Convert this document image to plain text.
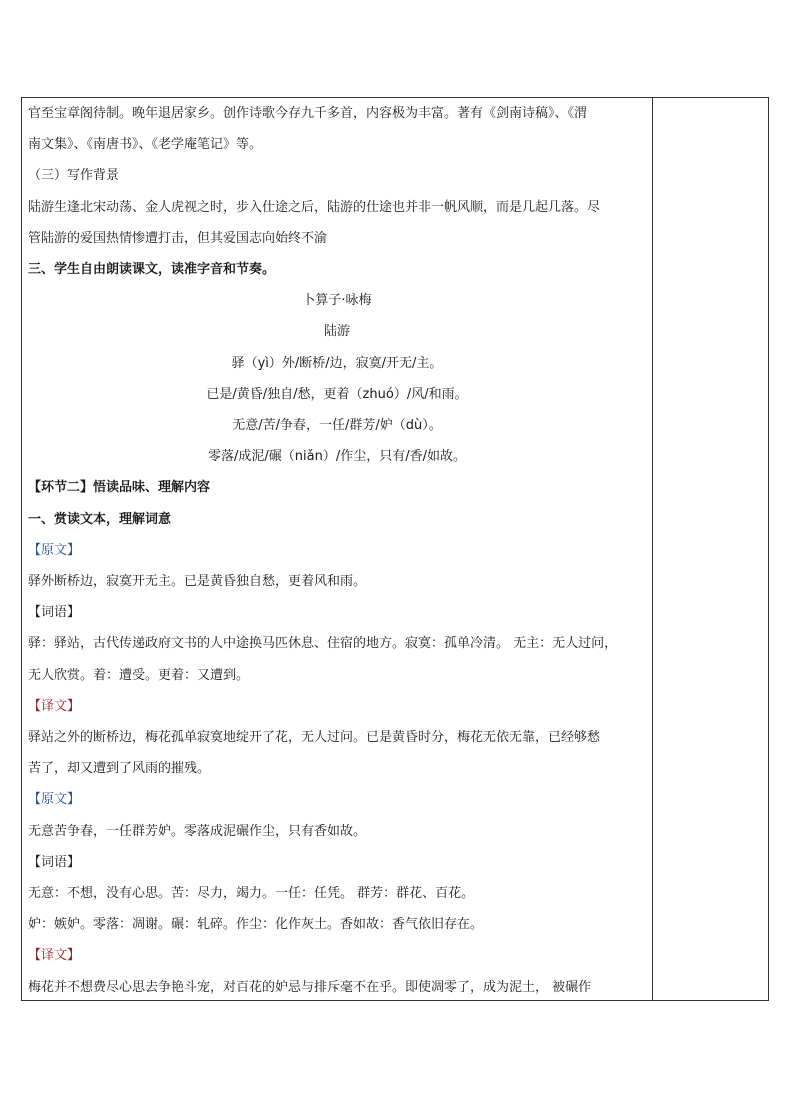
官至宝章阁待制。晚年退居家乡。创作诗歌今存九千多首，内容极为丰富。著有《剑南诗稿》、《渭
南文集》、《南唐书》、《老学庵笔记》等。
（三）写作背景
陆游生逢北宋动荡、金人虎视之时，步入仕途之后，陆游的仕途也并非一帆风顺，而是几起几落。尽
管陆游的爱国热情惨遭打击，但其爱国志向始终不渝
三、学生自由朗读课文，读准字音和节奏。
卜算子·咏梅
陆游
驿（yì）外/断桥/边，寂寞/开无/主。
已是/黄昏/独自/愁，更着（zhuó）/风/和雨。
无意/苦/争春，一任/群芳/妒（dù）。
零落/成泥/碾（niǎn）/作尘，只有/香/如故。
【环节二】悟读品味、理解内容
一、赏读文本，理解词意
【原文】
驿外断桥边，寂寞开无主。已是黄昏独自愁，更着风和雨。
【词语】
驿：驿站，古代传递政府文书的人中途换马匹休息、住宿的地方。寂寞：孤单冷清。 无主：无人过问，
无人欣赏。着：遭受。更着：又遭到。
【译文】
驿站之外的断桥边，梅花孤单寂寞地绽开了花，无人过问。已是黄昏时分，梅花无依无靠，已经够愁
苦了，却又遭到了风雨的摧残。
【原文】
无意苦争春，一任群芳妒。零落成泥碾作尘，只有香如故。
【词语】
无意：不想，没有心思。苦：尽力，竭力。一任：任凭。 群芳：群花、百花。
妒：嫉妒。零落：凋谢。碾：轧碎。作尘：化作灰土。香如故：香气依旧存在。
【译文】
梅花并不想费尽心思去争艳斗宠，对百花的妒忌与排斥毫不在乎。即使凋零了，成为泥土， 被碾作
